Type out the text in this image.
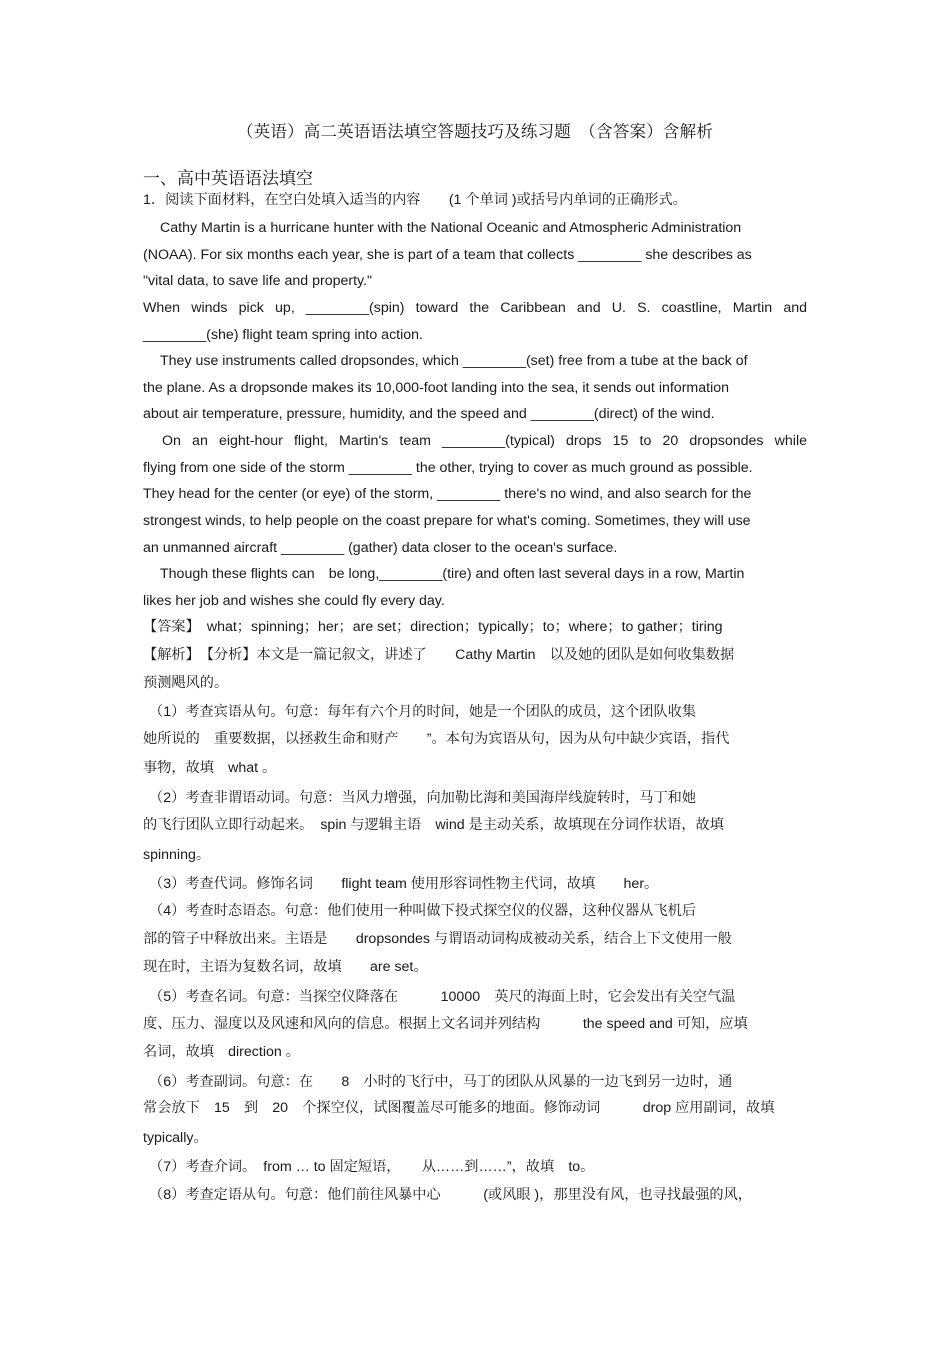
（英语）高二英语语法填空答题技巧及练习题　（含答案）含解析
一、高中英语语法填空
1．阅读下面材料，在空白处填入适当的内容　　(1 个单词 )或括号内单词的正确形式。
Cathy Martin is a hurricane hunter with the National Oceanic and Atmospheric Administration
(NOAA). For six months each year, she is part of a team that collects ________ she describes as
"vital data, to save life and property."
When winds pick up, ________(spin) toward the Caribbean and U. S. coastline, Martin and
________(she) flight team spring into action.
They use instruments called dropsondes, which ________(set) free from a tube at the back of
the plane. As a dropsonde makes its 10,000-foot landing into the sea, it sends out information
about air temperature, pressure, humidity, and the speed and ________(direct) of the wind.
On an eight-hour flight, Martin's team ________(typical) drops 15 to 20 dropsondes while
flying from one side of the storm ________ the other, trying to cover as much ground as possible.
They head for the center (or eye) of the storm, ________ there's no wind, and also search for the
strongest winds, to help people on the coast prepare for what's coming. Sometimes, they will use
an unmanned aircraft ________ (gather) data closer to the ocean's surface.
Though these flights can　be long,________(tire) and often last several days in a row, Martin
likes her job and wishes she could fly every day.
【答案】　what；spinning；her；are set；direction；typically；to；where；to gather；tiring
【解析】　【分析】本文是一篇记叙文，讲述了　　Cathy Martin　以及她的团队是如何收集数据
预测飓风的。
（1）考查宾语从句。句意：每年有六个月的时间，她是一个团队的成员，这个团队收集
她所说的　重要数据，以拯救生命和财产　　”。本句为宾语从句，因为从句中缺少宾语，指代
事物，故填　what 。
（2）考查非谓语动词。句意：当风力增强，向加勒比海和美国海岸线旋转时，马丁和她
的飞行团队立即行动起来。　spin 与逻辑主语　wind 是主动关系，故填现在分词作状语，故填
spinning。
（3）考查代词。修饰名词　　flight team 使用形容词性物主代词，故填　　her。
（4）考查时态语态。句意：他们使用一种叫做下投式探空仪的仪器，这种仪器从飞机后
部的管子中释放出来。主语是　　dropsondes 与谓语动词构成被动关系，结合上下文使用一般
现在时，主语为复数名词，故填　　are set。
（5）考查名词。句意：当探空仪降落在　　　10000　英尺的海面上时，它会发出有关空气温
度、压力、湿度以及风速和风向的信息。根据上文名词并列结构　　　the speed and 可知，应填
名词，故填　direction 。
（6）考查副词。句意：在　　8　小时的飞行中，马丁的团队从风暴的一边飞到另一边时，通
常会放下　15　到　20　个探空仪，试图覆盖尽可能多的地面。修饰动词　　　drop 应用副词，故填
typically。
（7）考查介词。　from … to 固定短语，　　从……到……”，故填　to。
（8）考查定语从句。句意：他们前往风暴中心　　　(或风眼 )，那里没有风，也寻找最强的风，
